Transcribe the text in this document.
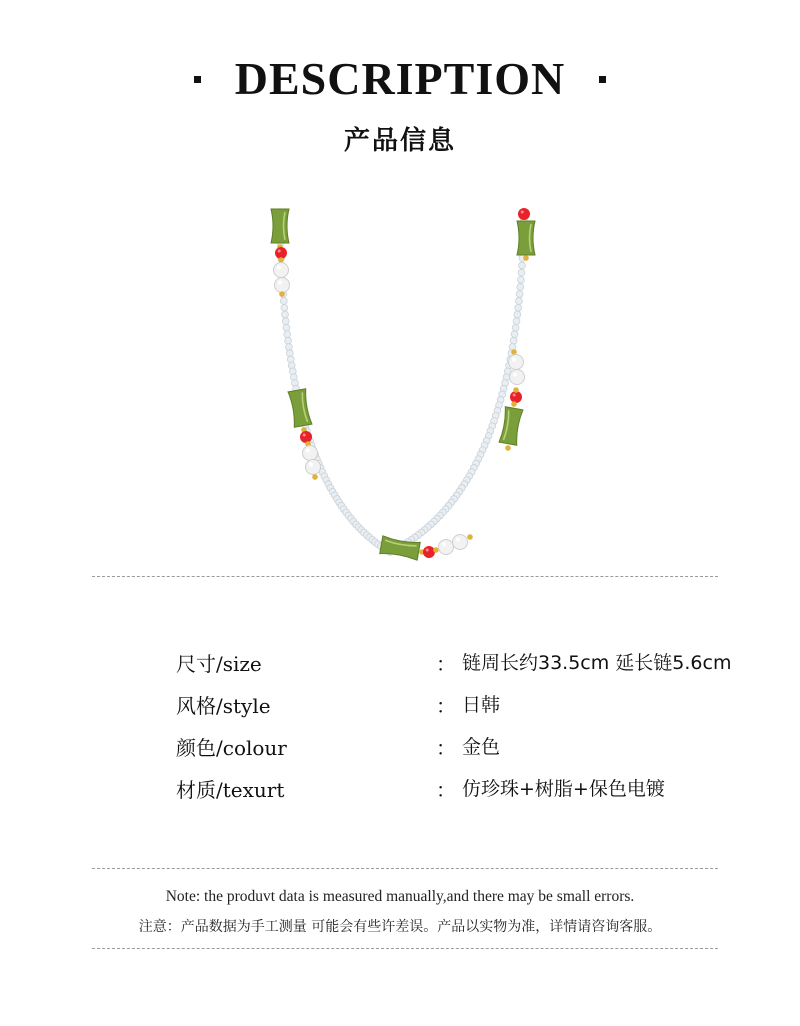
DESCRIPTION
产品信息
尺寸/size	： 链周长约33.5cm 延长链5.6cm
风格/style	： 日韩
颜色/colour	： 金色
材质/texurt	： 仿珍珠+树脂+保色电镀
Note: the produvt data is measured manually,and there may be small errors.
注意：产品数据为手工测量 可能会有些许差误。产品以实物为准，详情请咨询客服。
